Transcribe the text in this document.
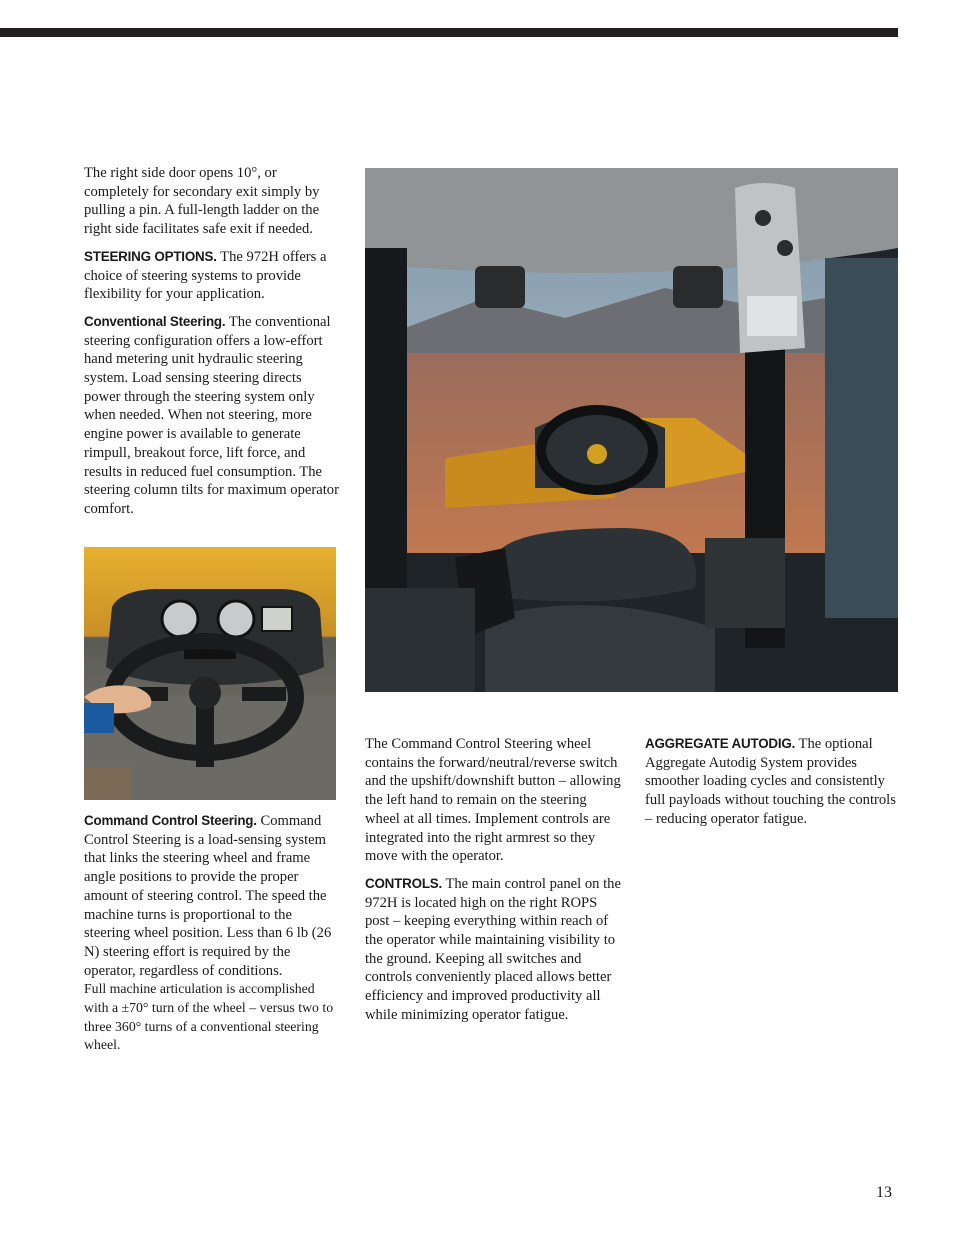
The right side door opens 10°, or completely for secondary exit simply by pulling a pin. A full-length ladder on the right side facilitates safe exit if needed.

STEERING OPTIONS. The 972H offers a choice of steering systems to provide flexibility for your application.

Conventional Steering. The conventional steering configuration offers a low-effort hand metering unit hydraulic steering system. Load sensing steering directs power through the steering system only when needed. When not steering, more engine power is available to generate rimpull, breakout force, lift force, and results in reduced fuel consumption. The steering column tilts for maximum operator comfort.

Command Control Steering. Command Control Steering is a load-sensing system that links the steering wheel and frame angle positions to provide the proper amount of steering control. The speed the machine turns is proportional to the steering wheel position. Less than 6 lb (26 N) steering effort is required by the operator, regardless of conditions.

Full machine articulation is accomplished with a ±70° turn of the wheel – versus two to three 360° turns of a conventional steering wheel.

The Command Control Steering wheel contains the forward/neutral/reverse switch and the upshift/downshift button – allowing the left hand to remain on the steering wheel at all times. Implement controls are integrated into the right armrest so they move with the operator.

CONTROLS. The main control panel on the 972H is located high on the right ROPS post – keeping everything within reach of the operator while maintaining visibility to the ground. Keeping all switches and controls conveniently placed allows better efficiency and improved productivity all while minimizing operator fatigue.

AGGREGATE AUTODIG. The optional Aggregate Autodig System provides smoother loading cycles and consistently full payloads without touching the controls – reducing operator fatigue.

13
